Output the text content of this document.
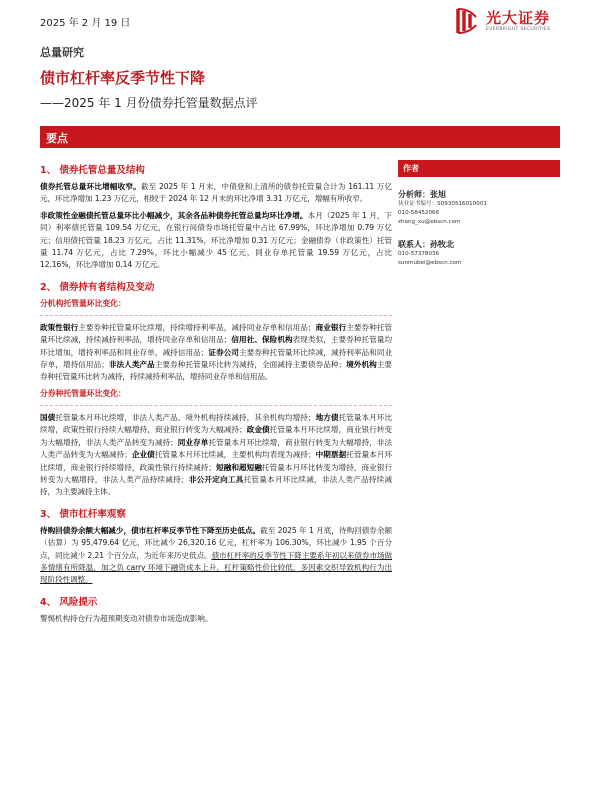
2025 年 2 月 19 日	光大证券
EVERBRIGHT SECURITIES
总量研究
债市杠杆率反季节性下降
——2025 年 1 月份债券托管量数据点评
要点
1、 债券托管总量及结构
债券托管总量环比增幅收窄。截至 2025 年 1 月末，中债登和上清所的债券托管量合计为 161.11 万亿元，环比净增加 1.23 万亿元，相较于 2024 年 12 月末的环比净增 3.31 万亿元，增幅有所收窄。
非政策性金融债托管总量环比小幅减少，其余各品种债券托管总量均环比净增。本月（2025 年 1 月，下同）利率债托管量 109.54 万亿元，在银行间债券市场托管量中占比 67.99%，环比净增加 0.79 万亿元；信用债托管量 18.23 万亿元，占比 11.31%，环比净增加 0.31 万亿元；金融债券（非政策性）托管量 11.74 万亿元，占比 7.29%，环比小幅减少 45 亿元，同业存单托管量 19.59 万亿元，占比 12.16%，环比净增加 0.14 万亿元。
2、 债券持有者结构及变动
分机构托管量环比变化：
政策性银行主要券种托管量环比续增，持续增持利率品，减持同业存单和信用品；商业银行主要券种托管量环比续减，持续减持利率品，增持同业存单和信用品；信用社、保险机构表现类似，主要券种托管量均环比增加，增持利率品和同业存单，减持信用品；证券公司主要券种托管量环比续减，减持利率品和同业存单，增持信用品；非法人类产品主要券种托管量环比转为减持，全面减持主要债券品种；境外机构主要券种托管量环比转为减持，持续减持利率品，增持同业存单和信用品。
分券种托管量环比变化：
国债托管量本月环比续增，非法人类产品、境外机构持续减持，其余机构均增持；地方债托管量本月环比续增，政策性银行持续大幅增持，商业银行转变为大幅减持；政金债托管量本月环比续增，商业银行转变为大幅增持，非法人类产品转变为减持；同业存单托管量本月环比续增，商业银行转变为大幅增持，非法人类产品转变为大幅减持；企业债托管量本月环比续减，主要机构均表现为减持；中期票据托管量本月环比续增，商业银行持续增持，政策性银行持续减持；短融和超短融托管量本月环比转变为增持，商业银行转变为大幅增持，非法人类产品持续减持；非公开定向工具托管量本月环比续减，非法人类产品持续减持，为主要减持主体。
3、 债市杠杆率观察
待购回债券余额大幅减少，债市杠杆率反季节性下降至历史低点。截至 2025 年 1 月底，待购回债券余额（估算）为 95,479.64 亿元，环比减少 26,320.16 亿元，杠杆率为 106.30%，环比减少 1.95 个百分点，同比减少 2.21 个百分点，为近年来历史低点。债市杠杆率的反季节性下降主要系年初以来债券市场做多情绪有所降温，加之负 carry 环境下融资成本上升，杠杆策略性价比较低，多因素交织导致机构行为出现阶段性调整。
4、 风险提示
警惕机构持仓行为超预期变动对债券市场造成影响。
作者
分析师：张旭
执业证书编号：S0930516010001
010-58452066
zhang_xu@ebscn.com
联系人：孙牧北
010-57378036
sunmubei@ebscn.com
